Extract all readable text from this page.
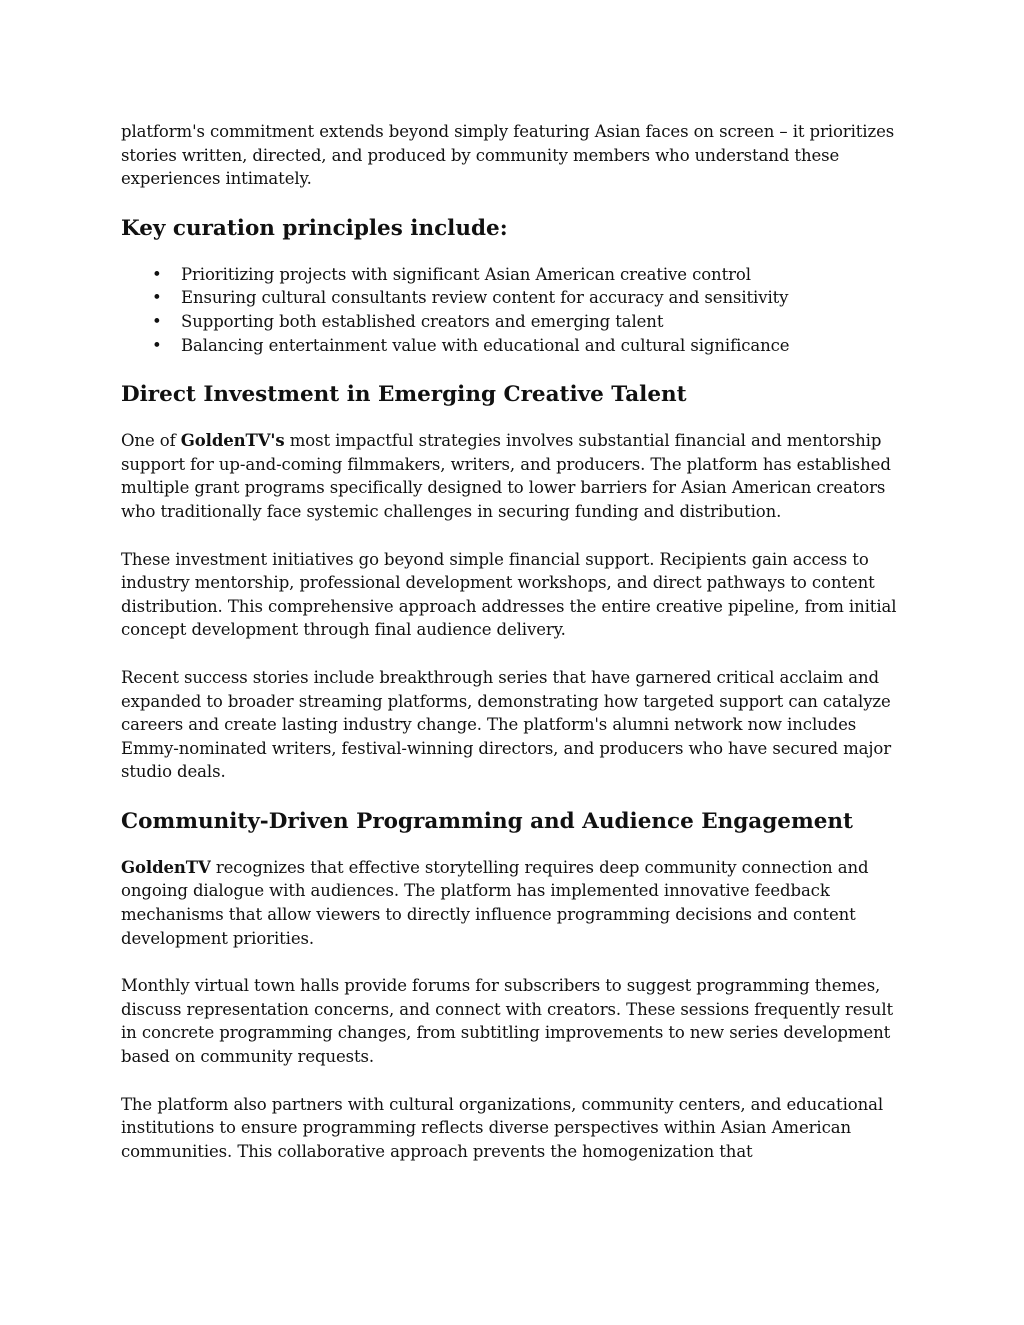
platform's commitment extends beyond simply featuring Asian faces on screen – it prioritizes stories written, directed, and produced by community members who understand these experiences intimately.

Key curation principles include:
• Prioritizing projects with significant Asian American creative control
• Ensuring cultural consultants review content for accuracy and sensitivity
• Supporting both established creators and emerging talent
• Balancing entertainment value with educational and cultural significance
Direct Investment in Emerging Creative Talent

One of GoldenTV's most impactful strategies involves substantial financial and mentorship support for up-and-coming filmmakers, writers, and producers. The platform has established multiple grant programs specifically designed to lower barriers for Asian American creators who traditionally face systemic challenges in securing funding and distribution.

These investment initiatives go beyond simple financial support. Recipients gain access to industry mentorship, professional development workshops, and direct pathways to content distribution. This comprehensive approach addresses the entire creative pipeline, from initial concept development through final audience delivery.

Recent success stories include breakthrough series that have garnered critical acclaim and expanded to broader streaming platforms, demonstrating how targeted support can catalyze careers and create lasting industry change. The platform's alumni network now includes Emmy-nominated writers, festival-winning directors, and producers who have secured major studio deals.

Community-Driven Programming and Audience Engagement

GoldenTV recognizes that effective storytelling requires deep community connection and ongoing dialogue with audiences. The platform has implemented innovative feedback mechanisms that allow viewers to directly influence programming decisions and content development priorities.

Monthly virtual town halls provide forums for subscribers to suggest programming themes, discuss representation concerns, and connect with creators. These sessions frequently result in concrete programming changes, from subtitling improvements to new series development based on community requests.

The platform also partners with cultural organizations, community centers, and educational institutions to ensure programming reflects diverse perspectives within Asian American communities. This collaborative approach prevents the homogenization that
